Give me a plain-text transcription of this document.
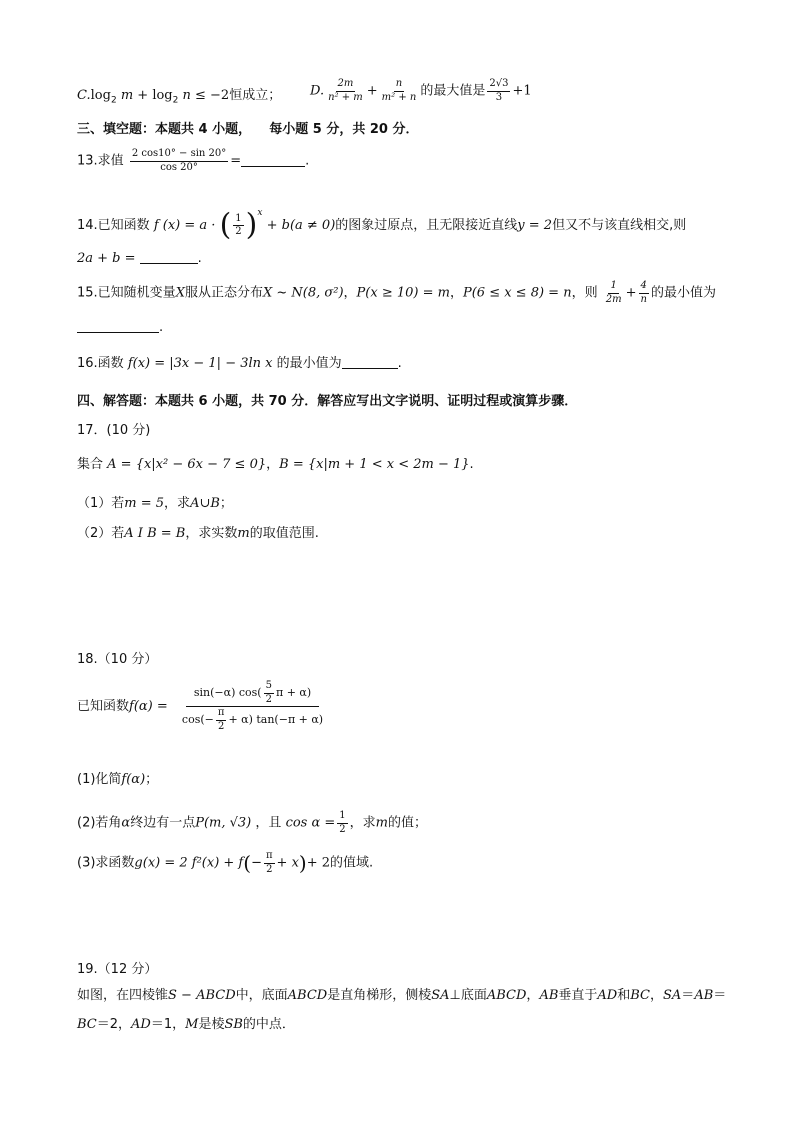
$C.\log_2$ $m + \log_2 n \le -2$恒成立； D. $\frac{2m}{\text{n² + m}} + \frac{n}{\text{m² + n}}$ 的最大值是 $\frac{2√3}{3} +1$
三、填空题：本题共 4 小题， 每小题 5 分，共 20 分．
13.求值 $\frac{2 \cos 10^\circ - \sin 20^\circ}{\cos 20^\circ}$ =	.
14.已知函数 f (x) = a · ( $\frac{1}{2} )^x + b(a \ne 0)$的图象过原点，且无限接近直线y = 2但又不与该直线相交,则
2a + b =	.
15.已知随机变量X服从正态分布X ~ N(8, σ²)，P(x ≥ 10) = m，P(6 ≤ x ≤ 8) = n，则 $\frac{1}{2m} + \frac{4}{n}$ 的最小值为
.
16.函数 f(x) = |3x − 1| − 3ln x 的最小值为	.
四、解答题：本题共 6 小题，共 70 分．解答应写出文字说明、证明过程或演算步骤．
17．(10 分)
集合 A = {x|x² − 6x − 7 ≤ 0}，B = {x|m + 1 < x < 2m − 1}.
（1）若m = 5，求A∪B；
（2）若A I B = B，求实数m的取值范围.
18.（10 分）
已知函数$f(\alpha) = \frac{\sin(-\alpha) \cos( \frac{5}{2} \pi + \alpha)}{\cos(- \frac{\pi}{2} + \alpha) \tan(-\pi + \alpha)}$
(1)化简f(α)；
(2)若角α终边有一点P(m, √3) ，且 $\cos \alpha = \frac{1}{2}$ ，求m的值；
(3)求函数g(x) = 2 $f^2(x) + f(- \frac{\pi}{2} + x)+ 2$的值域.
19.（12 分）
如图，在四棱锥S − ABCD中，底面ABCD是直角梯形，侧棱SA⊥底面ABCD，AB垂直于AD和BC，SA＝AB＝
BC＝2，AD＝1，M是棱SB的中点．
